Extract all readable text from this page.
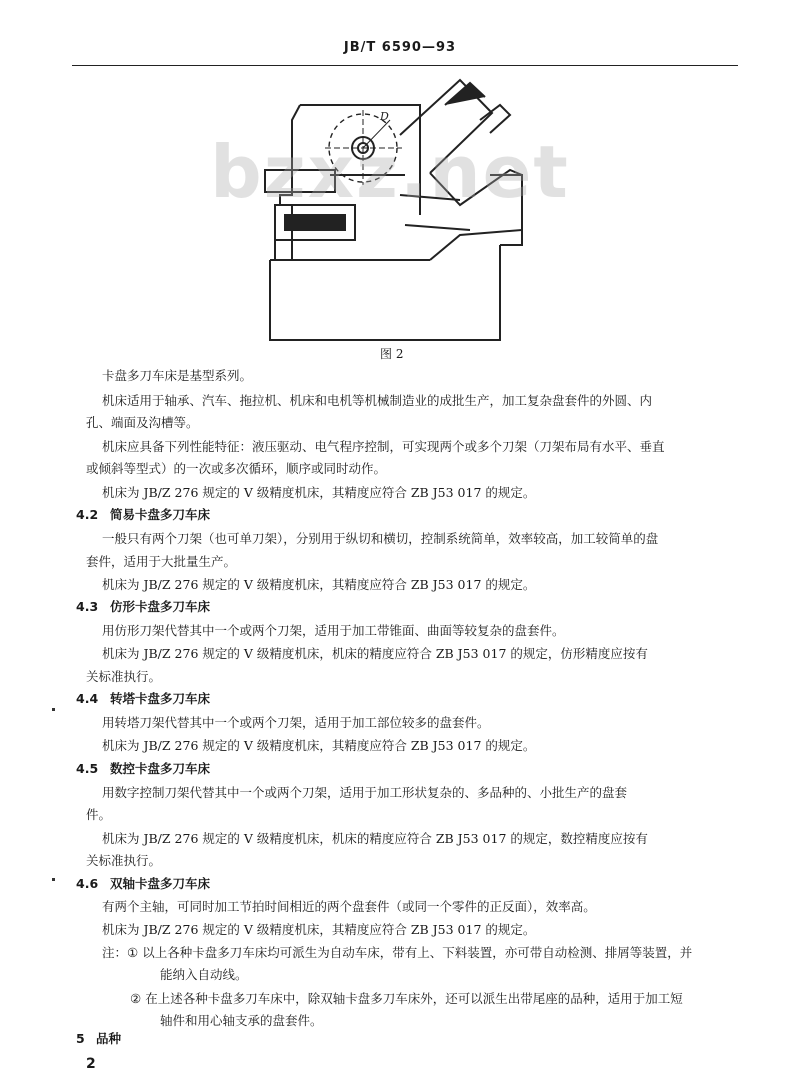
JB/T 6590—93
D
bzxz.net
图 2
卡盘多刀车床是基型系列。
机床适用于轴承、汽车、拖拉机、机床和电机等机械制造业的成批生产，加工复杂盘套件的外圆、内
孔、端面及沟槽等。
机床应具备下列性能特征：液压驱动、电气程序控制，可实现两个或多个刀架（刀架布局有水平、垂直
或倾斜等型式）的一次或多次循环，顺序或同时动作。
机床为 JB/Z 276 规定的 V 级精度机床，其精度应符合 ZB J53 017 的规定。
4.2 简易卡盘多刀车床
一般只有两个刀架（也可单刀架），分别用于纵切和横切，控制系统简单，效率较高，加工较简单的盘
套件，适用于大批量生产。
机床为 JB/Z 276 规定的 V 级精度机床，其精度应符合 ZB J53 017 的规定。
4.3 仿形卡盘多刀车床
用仿形刀架代替其中一个或两个刀架，适用于加工带锥面、曲面等较复杂的盘套件。
机床为 JB/Z 276 规定的 V 级精度机床，机床的精度应符合 ZB J53 017 的规定，仿形精度应按有
关标准执行。
4.4 转塔卡盘多刀车床
用转塔刀架代替其中一个或两个刀架，适用于加工部位较多的盘套件。
机床为 JB/Z 276 规定的 V 级精度机床，其精度应符合 ZB J53 017 的规定。
4.5 数控卡盘多刀车床
用数字控制刀架代替其中一个或两个刀架，适用于加工形状复杂的、多品种的、小批生产的盘套
件。
机床为 JB/Z 276 规定的 V 级精度机床，机床的精度应符合 ZB J53 017 的规定，数控精度应按有
关标准执行。
4.6 双轴卡盘多刀车床
有两个主轴，可同时加工节拍时间相近的两个盘套件（或同一个零件的正反面），效率高。
机床为 JB/Z 276 规定的 V 级精度机床，其精度应符合 ZB J53 017 的规定。
注：① 以上各种卡盘多刀车床均可派生为自动车床，带有上、下料装置，亦可带自动检测、排屑等装置，并
能纳入自动线。
② 在上述各种卡盘多刀车床中，除双轴卡盘多刀车床外，还可以派生出带尾座的品种，适用于加工短
轴件和用心轴支承的盘套件。
5 品种
2
